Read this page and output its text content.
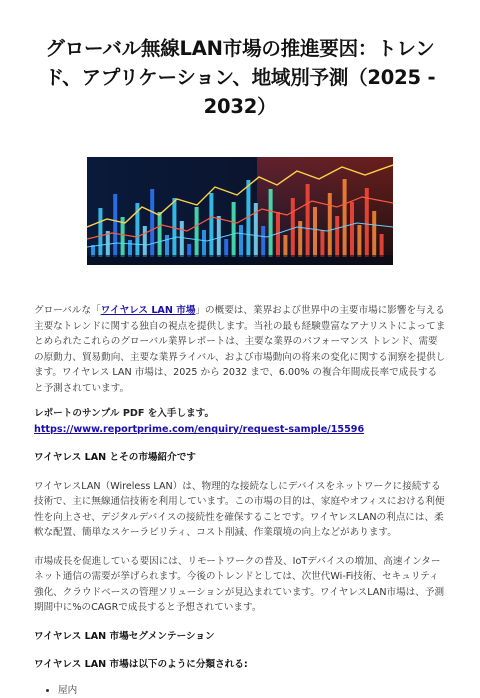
グローバル無線LAN市場の推進要因：トレンド、アプリケーション、地域別予測（2025 - 2032）

グローバルな「ワイヤレス LAN 市場」の概要は、業界および世界中の主要市場に影響を与える主要なトレンドに関する独自の視点を提供します。当社の最も経験豊富なアナリストによってまとめられたこれらのグローバル業界レポートは、主要な業界のパフォーマンス トレンド、需要の原動力、貿易動向、主要な業界ライバル、および市場動向の将来の変化に関する洞察を提供します。ワイヤレス LAN 市場は、2025 から 2032 まで、6.00% の複合年間成長率で成長すると予測されています。

レポートのサンプル PDF を入手します。 https://www.reportprime.com/enquiry/request-sample/15596

ワイヤレス LAN とその市場紹介です

ワイヤレスLAN（Wireless LAN）は、物理的な接続なしにデバイスをネットワークに接続する技術で、主に無線通信技術を利用しています。この市場の目的は、家庭やオフィスにおける利便性を向上させ、デジタルデバイスの接続性を確保することです。ワイヤレスLANの利点には、柔軟な配置、簡単なスケーラビリティ、コスト削減、作業環境の向上などがあります。

市場成長を促進している要因には、リモートワークの普及、IoTデバイスの増加、高速インターネット通信の需要が挙げられます。今後のトレンドとしては、次世代Wi-Fi技術、セキュリティ強化、クラウドベースの管理ソリューションが見込まれています。ワイヤレスLAN市場は、予測期間中に%のCAGRで成長すると予想されています。

ワイヤレス LAN 市場セグメンテーション

ワイヤレス LAN 市場は以下のように分類される:

• 屋内
